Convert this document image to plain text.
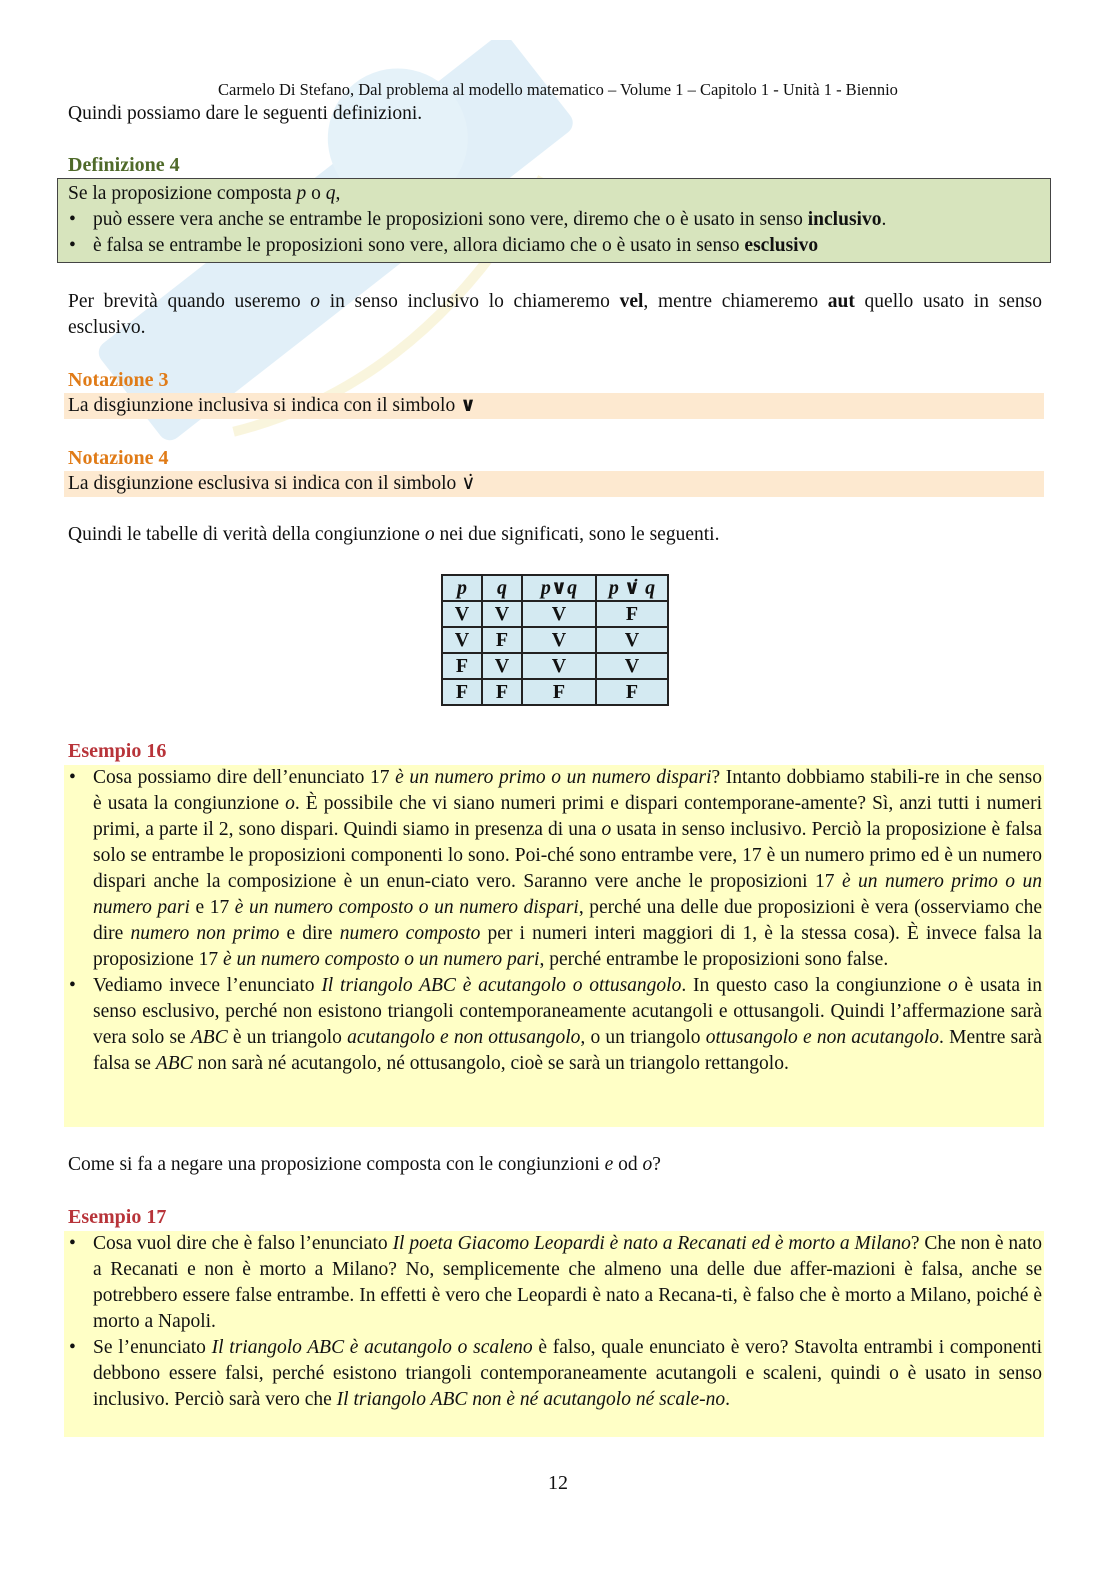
Carmelo Di Stefano, Dal problema al modello matematico – Volume 1 – Capitolo 1 - Unità 1 - Biennio
Quindi possiamo dare le seguenti definizioni.
Definizione 4
Se la proposizione composta p o q,
• può essere vera anche se entrambe le proposizioni sono vere, diremo che o è usato in senso inclusivo.
• è falsa se entrambe le proposizioni sono vere, allora diciamo che o è usato in senso esclusivo
Per brevità quando useremo o in senso inclusivo lo chiameremo vel, mentre chiameremo aut quello usato in senso esclusivo.
Notazione 3
La disgiunzione inclusiva si indica con il simbolo ∨
Notazione 4
La disgiunzione esclusiva si indica con il simbolo ∨̇
Quindi le tabelle di verità della congiunzione o nei due significati, sono le seguenti.
p	q	p∨q	p ∨̇ q
V	V	V	F
V	F	V	V
F	V	V	V
F	F	F	F
Esempio 16
• Cosa possiamo dire dell’enunciato 17 è un numero primo o un numero dispari? Intanto dobbiamo stabili-re in che senso è usata la congiunzione o. È possibile che vi siano numeri primi e dispari contemporane-amente? Sì, anzi tutti i numeri primi, a parte il 2, sono dispari. Quindi siamo in presenza di una o usata in senso inclusivo. Perciò la proposizione è falsa solo se entrambe le proposizioni componenti lo sono. Poi-ché sono entrambe vere, 17 è un numero primo ed è un numero dispari anche la composizione è un enun-ciato vero. Saranno vere anche le proposizioni 17 è un numero primo o un numero pari e 17 è un numero composto o un numero dispari, perché una delle due proposizioni è vera (osserviamo che dire numero non primo e dire numero composto per i numeri interi maggiori di 1, è la stessa cosa). È invece falsa la proposizione 17 è un numero composto o un numero pari, perché entrambe le proposizioni sono false.
• Vediamo invece l’enunciato Il triangolo ABC è acutangolo o ottusangolo. In questo caso la congiunzione o è usata in senso esclusivo, perché non esistono triangoli contemporaneamente acutangoli e ottusangoli. Quindi l’affermazione sarà vera solo se ABC è un triangolo acutangolo e non ottusangolo, o un triangolo ottusangolo e non acutangolo. Mentre sarà falsa se ABC non sarà né acutangolo, né ottusangolo, cioè se sarà un triangolo rettangolo.
Come si fa a negare una proposizione composta con le congiunzioni e od o?
Esempio 17
• Cosa vuol dire che è falso l’enunciato Il poeta Giacomo Leopardi è nato a Recanati ed è morto a Milano? Che non è nato a Recanati e non è morto a Milano? No, semplicemente che almeno una delle due affer-mazioni è falsa, anche se potrebbero essere false entrambe. In effetti è vero che Leopardi è nato a Recana-ti, è falso che è morto a Milano, poiché è morto a Napoli.
• Se l’enunciato Il triangolo ABC è acutangolo o scaleno è falso, quale enunciato è vero? Stavolta entrambi i componenti debbono essere falsi, perché esistono triangoli contemporaneamente acutangoli e scaleni, quindi o è usato in senso inclusivo. Perciò sarà vero che Il triangolo ABC non è né acutangolo né scale-no.
12
